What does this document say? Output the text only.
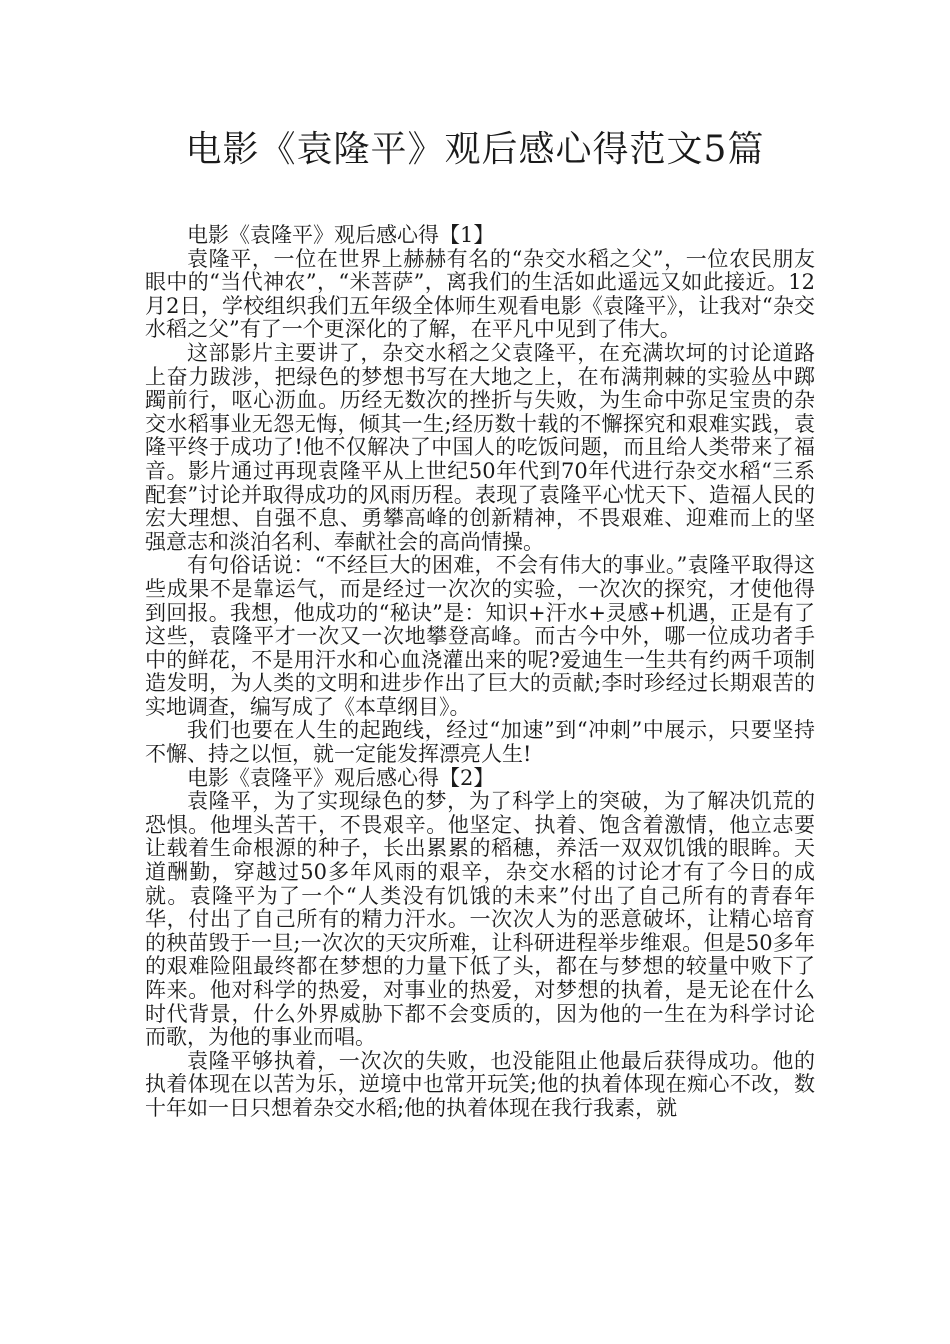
电影《袁隆平》观后感心得范文5篇

电影《袁隆平》观后感心得【1】

袁隆平，一位在世界上赫赫有名的“杂交水稻之父”，一位农民朋友眼中的“当代神农”，“米菩萨”，离我们的生活如此遥远又如此接近。12月2日，学校组织我们五年级全体师生观看电影《袁隆平》，让我对“杂交水稻之父”有了一个更深化的了解，在平凡中见到了伟大。

这部影片主要讲了，杂交水稻之父袁隆平，在充满坎坷的讨论道路上奋力跋涉，把绿色的梦想书写在大地之上，在布满荆棘的实验丛中踯躅前行，呕心沥血。历经无数次的挫折与失败，为生命中弥足宝贵的杂交水稻事业无怨无悔，倾其一生;经历数十载的不懈探究和艰难实践，袁隆平终于成功了!他不仅解决了中国人的吃饭问题，而且给人类带来了福音。影片通过再现袁隆平从上世纪50年代到70年代进行杂交水稻“三系配套”讨论并取得成功的风雨历程。表现了袁隆平心忧天下、造福人民的宏大理想、自强不息、勇攀高峰的创新精神，不畏艰难、迎难而上的坚强意志和淡泊名利、奉献社会的高尚情操。

有句俗话说：“不经巨大的困难，不会有伟大的事业。”袁隆平取得这些成果不是靠运气，而是经过一次次的实验，一次次的探究，才使他得到回报。我想，他成功的“秘诀”是：知识+汗水+灵感+机遇，正是有了这些，袁隆平才一次又一次地攀登高峰。而古今中外，哪一位成功者手中的鲜花，不是用汗水和心血浇灌出来的呢?爱迪生一生共有约两千项制造发明，为人类的文明和进步作出了巨大的贡献;李时珍经过长期艰苦的实地调查，编写成了《本草纲目》。

我们也要在人生的起跑线，经过“加速”到“冲刺”中展示，只要坚持不懈、持之以恒，就一定能发挥漂亮人生!

电影《袁隆平》观后感心得【2】

袁隆平，为了实现绿色的梦，为了科学上的突破，为了解决饥荒的恐惧。他埋头苦干，不畏艰辛。他坚定、执着、饱含着激情，他立志要让载着生命根源的种子，长出累累的稻穗，养活一双双饥饿的眼眸。天道酬勤，穿越过50多年风雨的艰辛，杂交水稻的讨论才有了今日的成就。袁隆平为了一个“人类没有饥饿的未来”付出了自己所有的青春年华，付出了自己所有的精力汗水。一次次人为的恶意破坏，让精心培育的秧苗毁于一旦;一次次的天灾所难，让科研进程举步维艰。但是50多年的艰难险阻最终都在梦想的力量下低了头，都在与梦想的较量中败下了阵来。他对科学的热爱，对事业的热爱，对梦想的执着，是无论在什么时代背景，什么外界威胁下都不会变质的，因为他的一生在为科学讨论而歌，为他的事业而唱。

袁隆平够执着，一次次的失败，也没能阻止他最后获得成功。他的执着体现在以苦为乐，逆境中也常开玩笑;他的执着体现在痴心不改，数十年如一日只想着杂交水稻;他的执着体现在我行我素，就
